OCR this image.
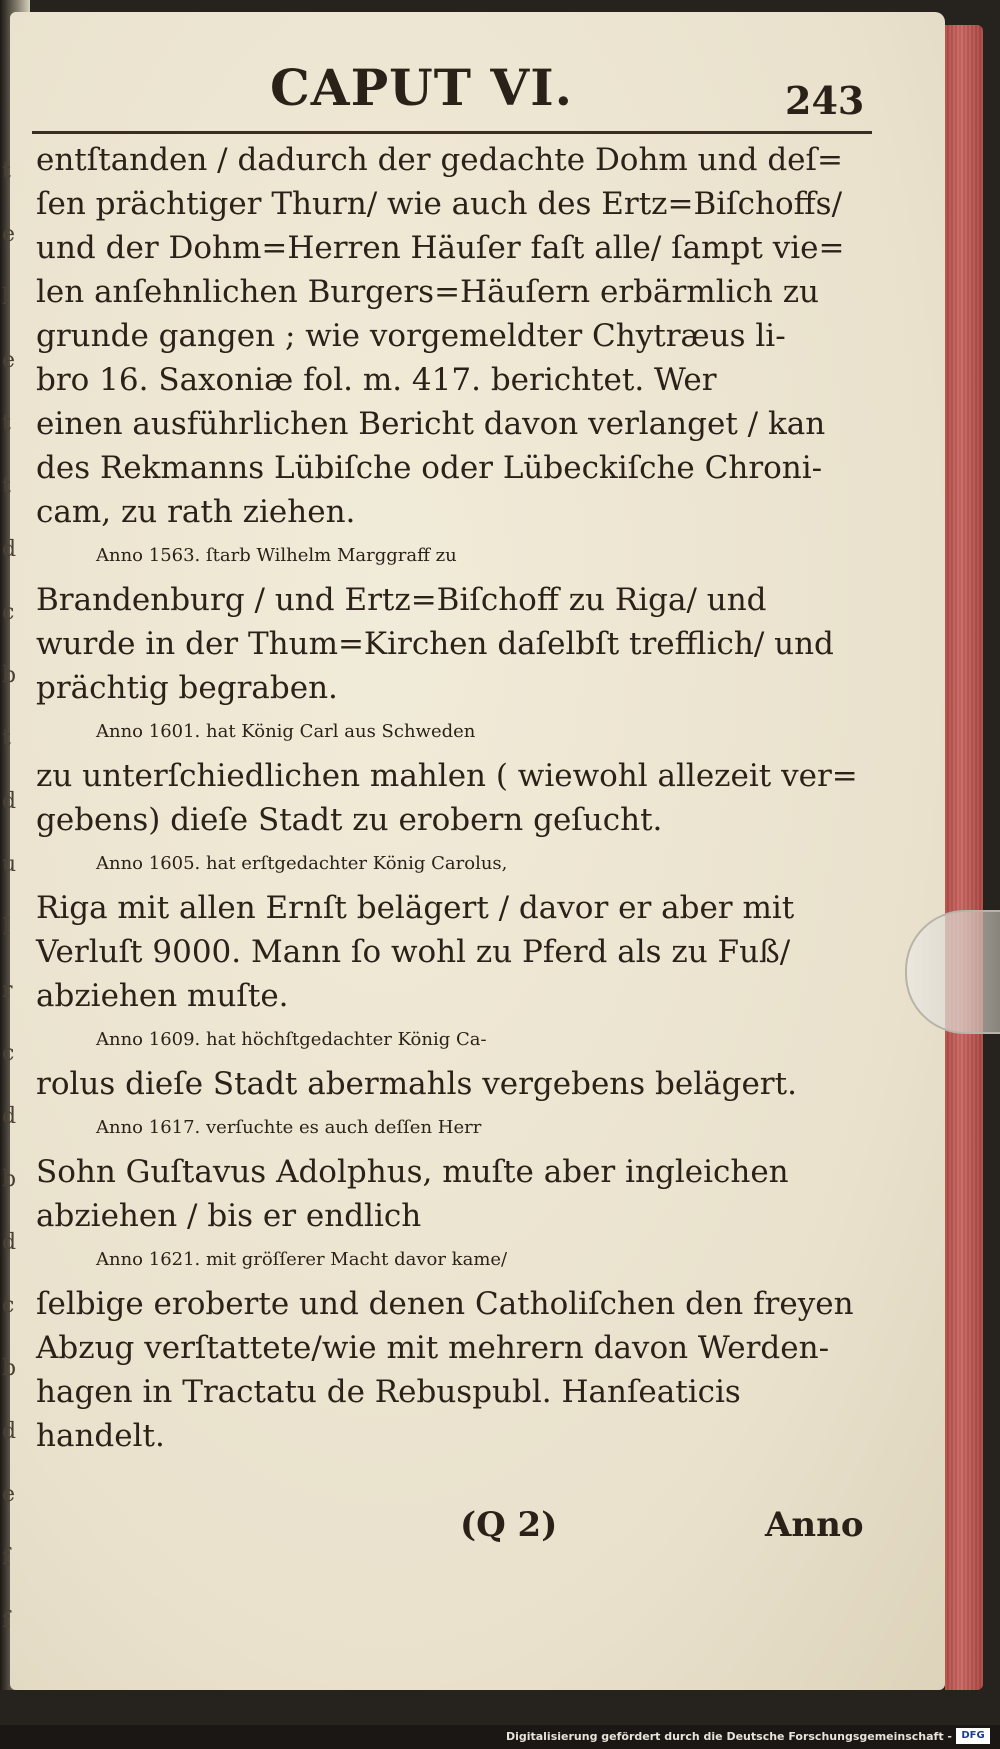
t
e
l
e
t
t
d
c
b
t
d
u
I
r
c
d
b
d
c
b
d
e
f
f
CAPUT VI.	243
entſtanden / dadurch der gedachte Dohm und deſ=
ſen prächtiger Thurn/ wie auch des Ertz=Biſchoffs/
und der Dohm=Herren Häuſer faſt alle/ ſampt vie=
len anſehnlichen Burgers=Häuſern erbärmlich zu
grunde gangen ; wie vorgemeldter Chytræus li-
bro 16. Saxoniæ fol. m. 417. berichtet. Wer
einen ausführlichen Bericht davon verlanget / kan
des Rekmanns Lübiſche oder Lübeckiſche Chroni-
cam, zu rath ziehen.
Anno 1563. ſtarb Wilhelm Marggraff zu
Brandenburg / und Ertz=Biſchoff zu Riga/ und
wurde in der Thum=Kirchen daſelbſt trefflich/ und
prächtig begraben.
Anno 1601. hat König Carl aus Schweden
zu unterſchiedlichen mahlen ( wiewohl allezeit ver=
gebens) dieſe Stadt zu erobern geſucht.
Anno 1605. hat erſtgedachter König Carolus,
Riga mit allen Ernſt belägert / davor er aber mit
Verluſt 9000. Mann ſo wohl zu Pferd als zu Fuß/
abziehen muſte.
Anno 1609. hat höchſtgedachter König Ca-
rolus dieſe Stadt abermahls vergebens belägert.
Anno 1617. verſuchte es auch deſſen Herr
Sohn Guſtavus Adolphus, muſte aber ingleichen
abziehen / bis er endlich
Anno 1621. mit gröſſerer Macht davor kame/
ſelbige eroberte und denen Catholiſchen den freyen
Abzug verſtattete/wie mit mehrern davon Werden-
hagen in Tractatu de Rebuspubl. Hanſeaticis
handelt.
(Q 2)	Anno
Digitalisierung gefördert durch die Deutsche Forschungsgemeinschaft - DFG
